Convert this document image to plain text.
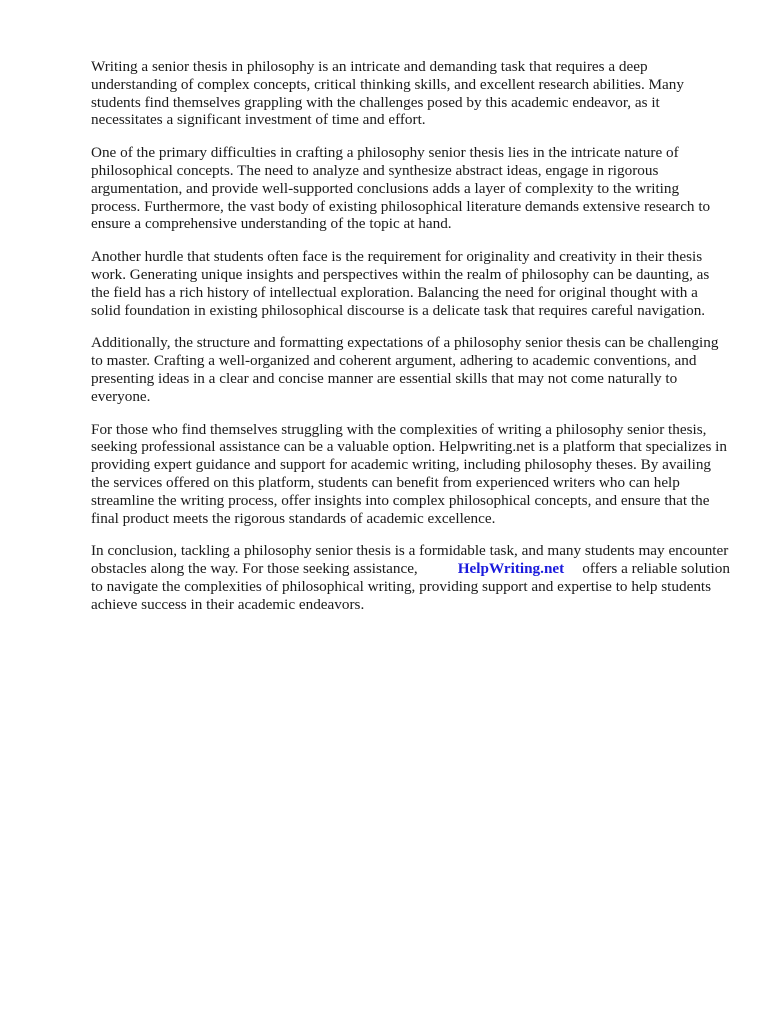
Writing a senior thesis in philosophy is an intricate and demanding task that requires a deep understanding of complex concepts, critical thinking skills, and excellent research abilities. Many students find themselves grappling with the challenges posed by this academic endeavor, as it necessitates a significant investment of time and effort.

One of the primary difficulties in crafting a philosophy senior thesis lies in the intricate nature of philosophical concepts. The need to analyze and synthesize abstract ideas, engage in rigorous argumentation, and provide well-supported conclusions adds a layer of complexity to the writing process. Furthermore, the vast body of existing philosophical literature demands extensive research to ensure a comprehensive understanding of the topic at hand.

Another hurdle that students often face is the requirement for originality and creativity in their thesis work. Generating unique insights and perspectives within the realm of philosophy can be daunting, as the field has a rich history of intellectual exploration. Balancing the need for original thought with a solid foundation in existing philosophical discourse is a delicate task that requires careful navigation.

Additionally, the structure and formatting expectations of a philosophy senior thesis can be challenging to master. Crafting a well-organized and coherent argument, adhering to academic conventions, and presenting ideas in a clear and concise manner are essential skills that may not come naturally to everyone.

For those who find themselves struggling with the complexities of writing a philosophy senior thesis, seeking professional assistance can be a valuable option. Helpwriting.net is a platform that specializes in providing expert guidance and support for academic writing, including philosophy theses. By availing the services offered on this platform, students can benefit from experienced writers who can help streamline the writing process, offer insights into complex philosophical concepts, and ensure that the final product meets the rigorous standards of academic excellence.

In conclusion, tackling a philosophy senior thesis is a formidable task, and many students may encounter obstacles along the way. For those seeking assistance,	HelpWriting.net offers a reliable solution to navigate the complexities of philosophical writing, providing support and expertise to help students achieve success in their academic endeavors.
